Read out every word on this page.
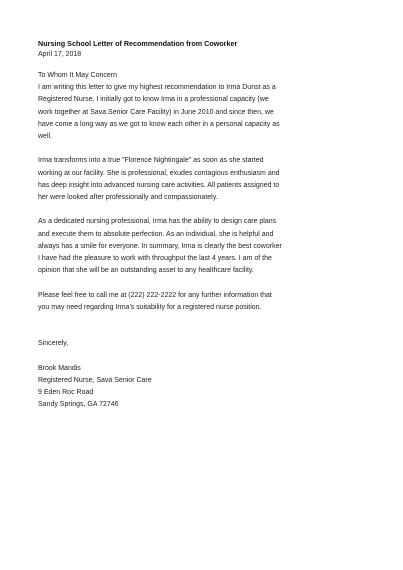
Nursing School Letter of Recommendation from Coworker
April 17, 2018
To Whom It May Concern
I am writing this letter to give my highest recommendation to Irma Dunst as a
Registered Nurse. I initially got to know Irma in a professional capacity (we
work together at Sava Senior Care Facility) in June 2010 and since then, we
have come a long way as we got to know each other in a personal capacity as
well.
Irma transforms into a true "Florence Nightingale" as soon as she started
working at our facility. She is professional, exudes contagious enthusiasm and
has deep insight into advanced nursing care activities. All patients assigned to
her were looked after professionally and compassionately.
As a dedicated nursing professional, Irma has the ability to design care plans
and execute them to absolute perfection. As an individual, she is helpful and
always has a smile for everyone. In summary, Irma is clearly the best coworker
I have had the pleasure to work with throughput the last 4 years. I am of the
opinion that she will be an outstanding asset to any healthcare facility.
Please feel free to call me at (222) 222-2222 for any further information that
you may need regarding Irma's suitability for a registered nurse position.
Sincerely,
Brook Mandis
Registered Nurse, Sava Senior Care
9 Eden Roc Road
Sandy Springs, GA 72746
